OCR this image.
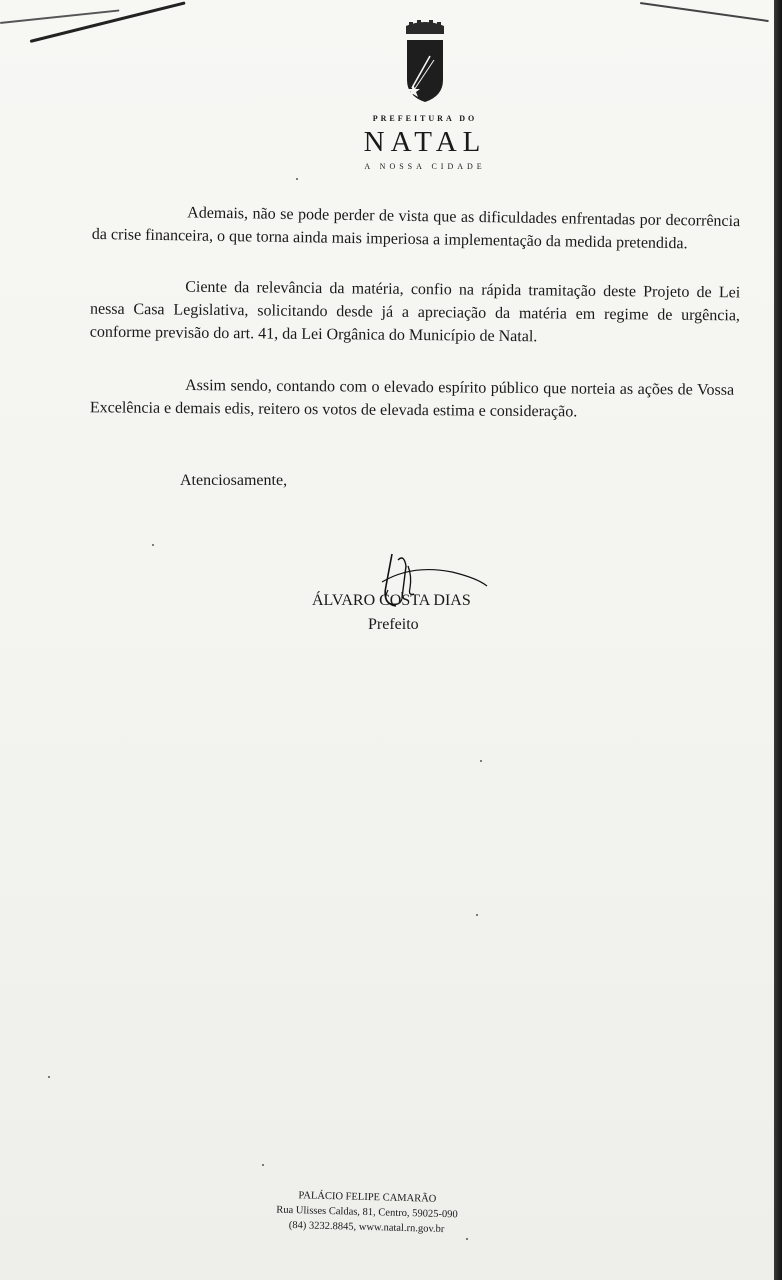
PREFEITURA DO
NATAL
A NOSSA CIDADE

Ademais, não se pode perder de vista que as dificuldades enfrentadas por decorrência da crise financeira, o que torna ainda mais imperiosa a implementação da medida pretendida.

Ciente da relevância da matéria, confio na rápida tramitação deste Projeto de Lei nessa Casa Legislativa, solicitando desde já a apreciação da matéria em regime de urgência, conforme previsão do art. 41, da Lei Orgânica do Município de Natal.

Assim sendo, contando com o elevado espírito público que norteia as ações de Vossa Excelência e demais edis, reitero os votos de elevada estima e consideração.

Atenciosamente,
ÁLVARO COSTA DIAS
Prefeito
PALÁCIO FELIPE CAMARÃO
Rua Ulisses Caldas, 81, Centro, 59025-090
(84) 3232.8845, www.natal.rn.gov.br
